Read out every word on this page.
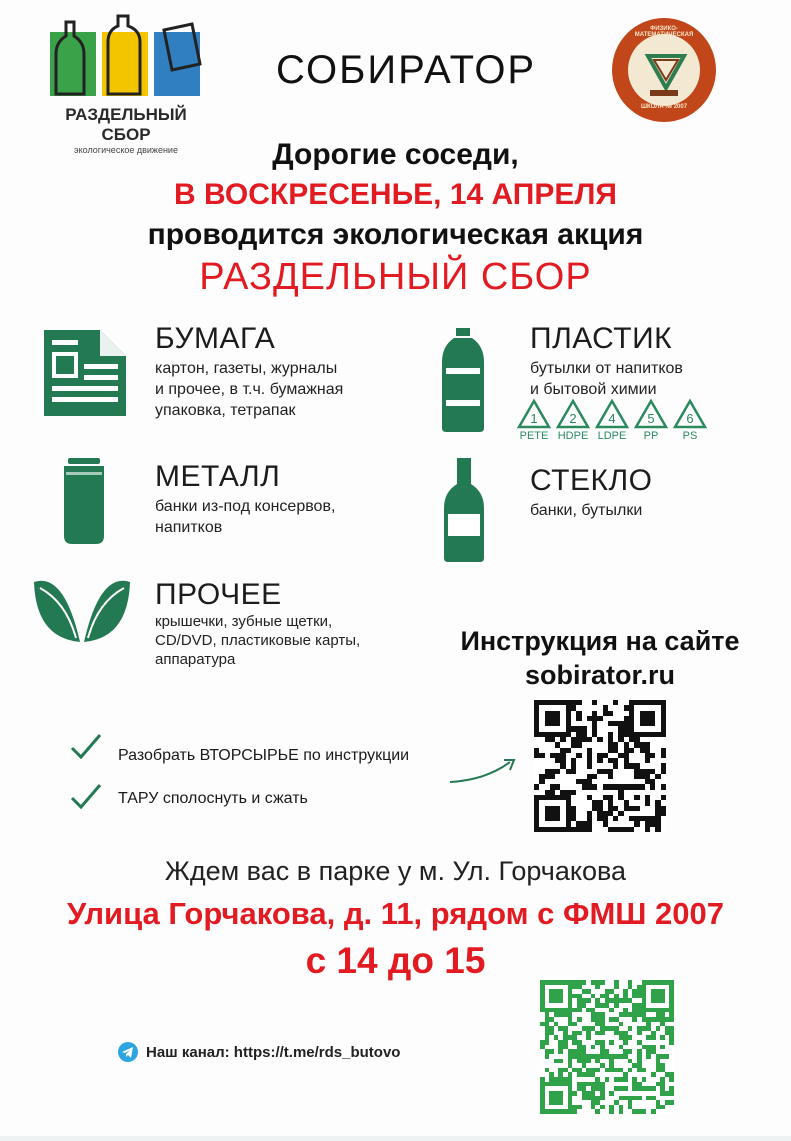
РАЗДЕЛЬНЫЙ СБОР
экологическое движение
СОБИРАТОР
ФИЗИКО-МАТЕМАТИЧЕСКАЯ
ШКОЛА № 2007
Дорогие соседи,
В ВОСКРЕСЕНЬЕ, 14 АПРЕЛЯ
проводится экологическая акция
РАЗДЕЛЬНЫЙ СБОР
БУМАГА
картон, газеты, журналы
и прочее, в т.ч. бумажная
упаковка, тетрапак
ПЛАСТИК
бутылки от напитков
и бытовой химии
1
PETE
2
HDPE
4
LDPE
5
PP
6
PS
МЕТАЛЛ
банки из-под консервов,
напитков
СТЕКЛО
банки, бутылки
ПРОЧЕЕ
крышечки, зубные щетки,
CD/DVD, пластиковые карты,
аппаратура
Инструкция на сайте
sobirator.ru
Разобрать ВТОРСЫРЬЕ по инструкции
ТАРУ сполоснуть и сжать
Ждем вас в парке у м. Ул. Горчакова
Улица Горчакова, д. 11, рядом с ФМШ 2007
с 14 до 15
Наш канал: https://t.me/rds_butovo
